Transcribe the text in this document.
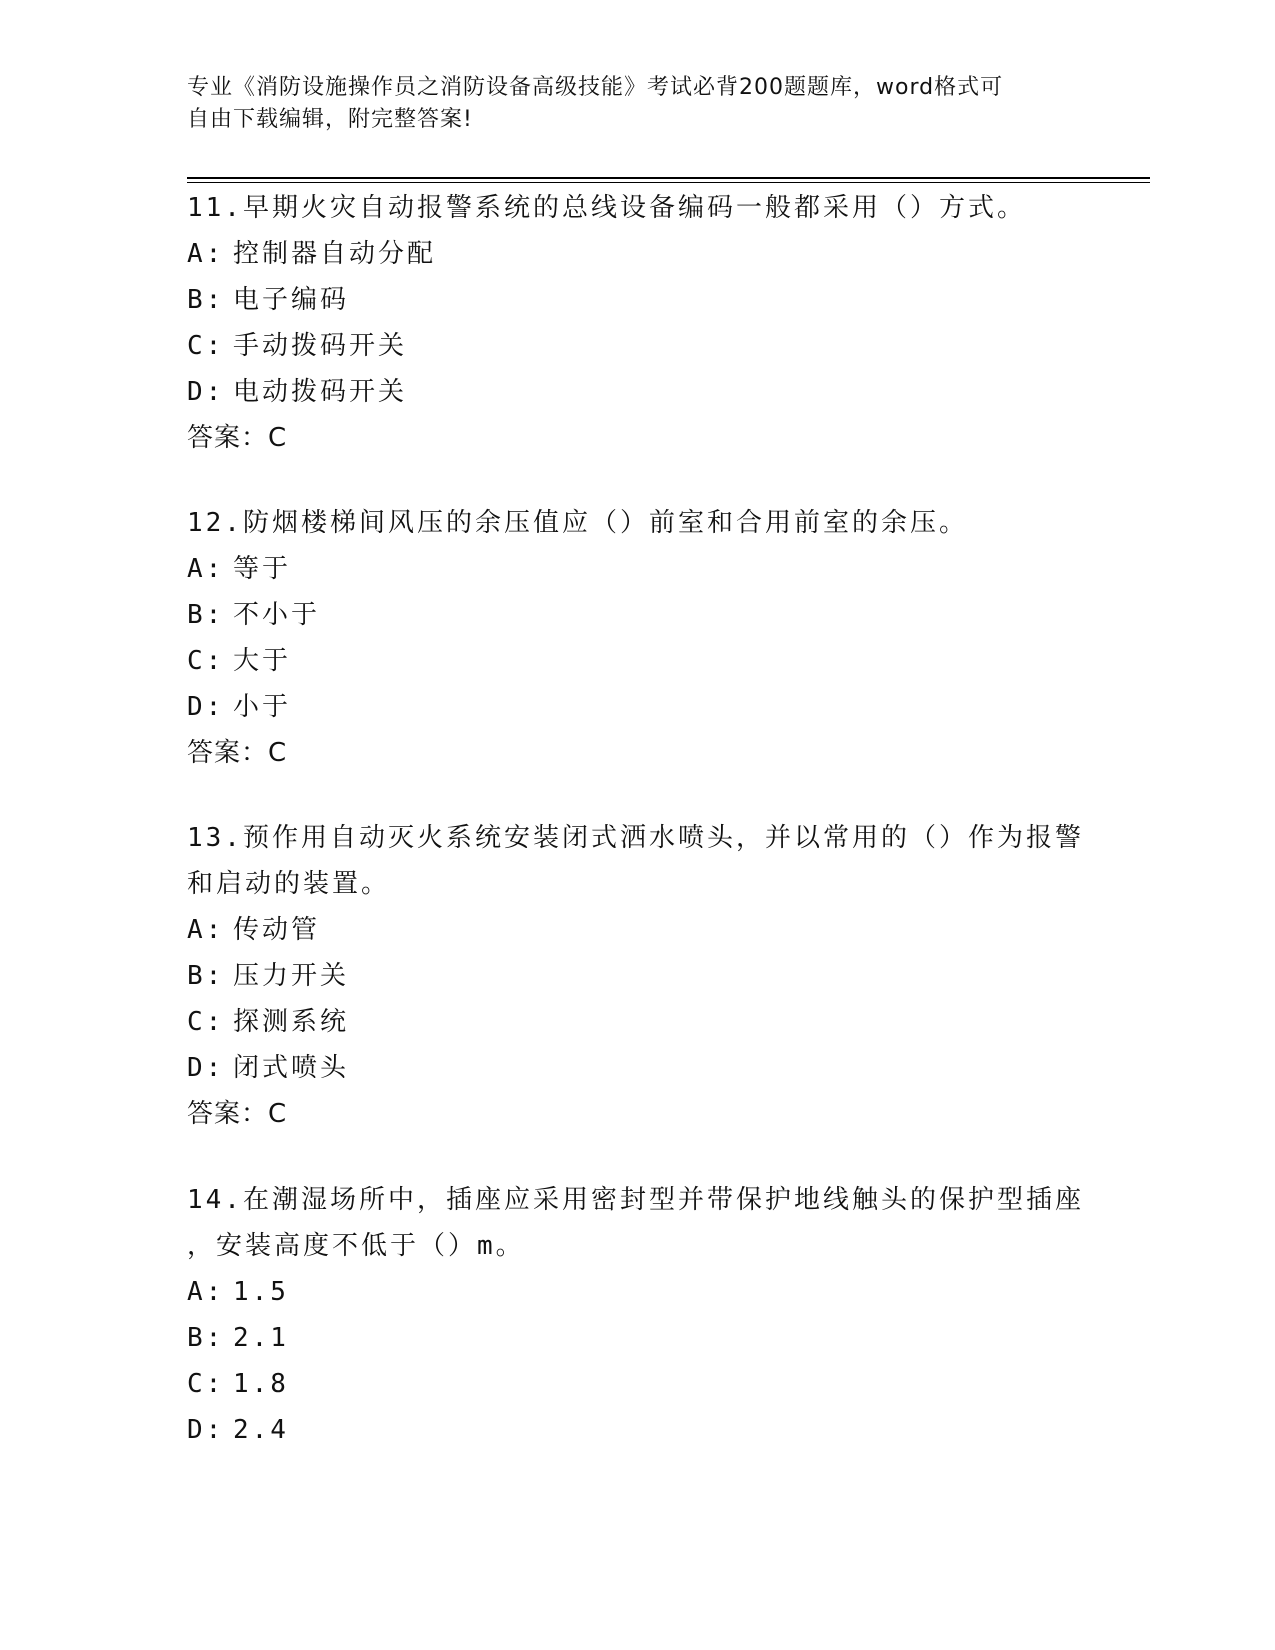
专业《消防设施操作员之消防设备高级技能》考试必背200题题库，word格式可
自由下载编辑，附完整答案!
11.早期火灾自动报警系统的总线设备编码一般都采用（）方式。
A: 控制器自动分配
B: 电子编码
C: 手动拨码开关
D: 电动拨码开关
答案：C
12.防烟楼梯间风压的余压值应（）前室和合用前室的余压。
A: 等于
B: 不小于
C: 大于
D: 小于
答案：C
13.预作用自动灭火系统安装闭式洒水喷头，并以常用的（）作为报警
和启动的装置。
A: 传动管
B: 压力开关
C: 探测系统
D: 闭式喷头
答案：C
14.在潮湿场所中，插座应采用密封型并带保护地线触头的保护型插座
，安装高度不低于（）m。
A: 1.5
B: 2.1
C: 1.8
D: 2.4
